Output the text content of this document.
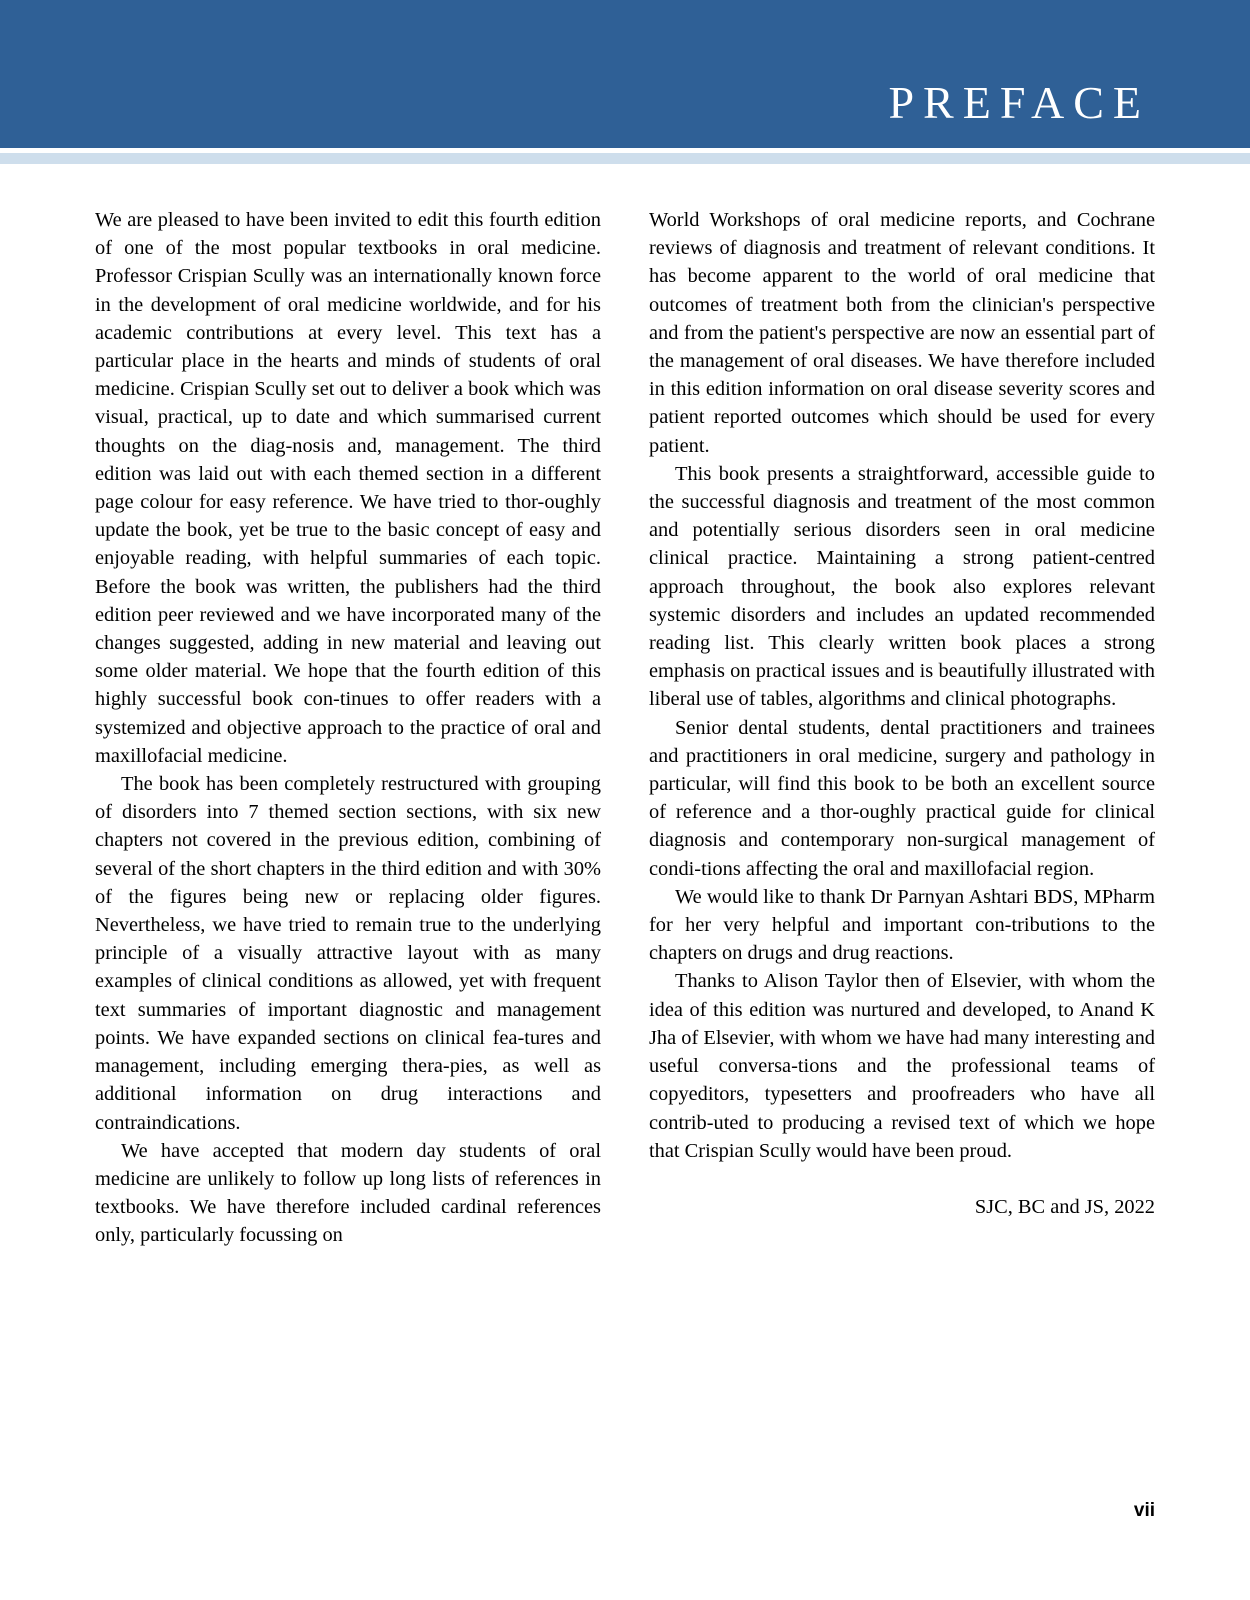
PREFACE

We are pleased to have been invited to edit this fourth edition of one of the most popular textbooks in oral medicine. Professor Crispian Scully was an internationally known force in the development of oral medicine worldwide, and for his academic contributions at every level. This text has a particular place in the hearts and minds of students of oral medicine. Crispian Scully set out to deliver a book which was visual, practical, up to date and which summarised current thoughts on the diag-nosis and, management. The third edition was laid out with each themed section in a different page colour for easy reference. We have tried to thor-oughly update the book, yet be true to the basic concept of easy and enjoyable reading, with helpful summaries of each topic. Before the book was written, the publishers had the third edition peer reviewed and we have incorporated many of the changes suggested, adding in new material and leaving out some older material. We hope that the fourth edition of this highly successful book con-tinues to offer readers with a systemized and objective approach to the practice of oral and maxillofacial medicine.

The book has been completely restructured with grouping of disorders into 7 themed section sections, with six new chapters not covered in the previous edition, combining of several of the short chapters in the third edition and with 30% of the figures being new or replacing older figures. Nevertheless, we have tried to remain true to the underlying principle of a visually attractive layout with as many examples of clinical conditions as allowed, yet with frequent text summaries of important diagnostic and management points. We have expanded sections on clinical fea-tures and management, including emerging thera-pies, as well as additional information on drug interactions and contraindications.

We have accepted that modern day students of oral medicine are unlikely to follow up long lists of references in textbooks. We have therefore included cardinal references only, particularly focussing on

World Workshops of oral medicine reports, and Cochrane reviews of diagnosis and treatment of relevant conditions. It has become apparent to the world of oral medicine that outcomes of treatment both from the clinician's perspective and from the patient's perspective are now an essential part of the management of oral diseases. We have therefore included in this edition information on oral disease severity scores and patient reported outcomes which should be used for every patient.

This book presents a straightforward, accessible guide to the successful diagnosis and treatment of the most common and potentially serious disorders seen in oral medicine clinical practice. Maintaining a strong patient-centred approach throughout, the book also explores relevant systemic disorders and includes an updated recommended reading list. This clearly written book places a strong emphasis on practical issues and is beautifully illustrated with liberal use of tables, algorithms and clinical photographs.

Senior dental students, dental practitioners and trainees and practitioners in oral medicine, surgery and pathology in particular, will find this book to be both an excellent source of reference and a thor-oughly practical guide for clinical diagnosis and contemporary non-surgical management of condi-tions affecting the oral and maxillofacial region.

We would like to thank Dr Parnyan Ashtari BDS, MPharm for her very helpful and important con-tributions to the chapters on drugs and drug reactions.

Thanks to Alison Taylor then of Elsevier, with whom the idea of this edition was nurtured and developed, to Anand K Jha of Elsevier, with whom we have had many interesting and useful conversa-tions and the professional teams of copyeditors, typesetters and proofreaders who have all contrib-uted to producing a revised text of which we hope that Crispian Scully would have been proud.

SJC, BC and JS, 2022
vii
